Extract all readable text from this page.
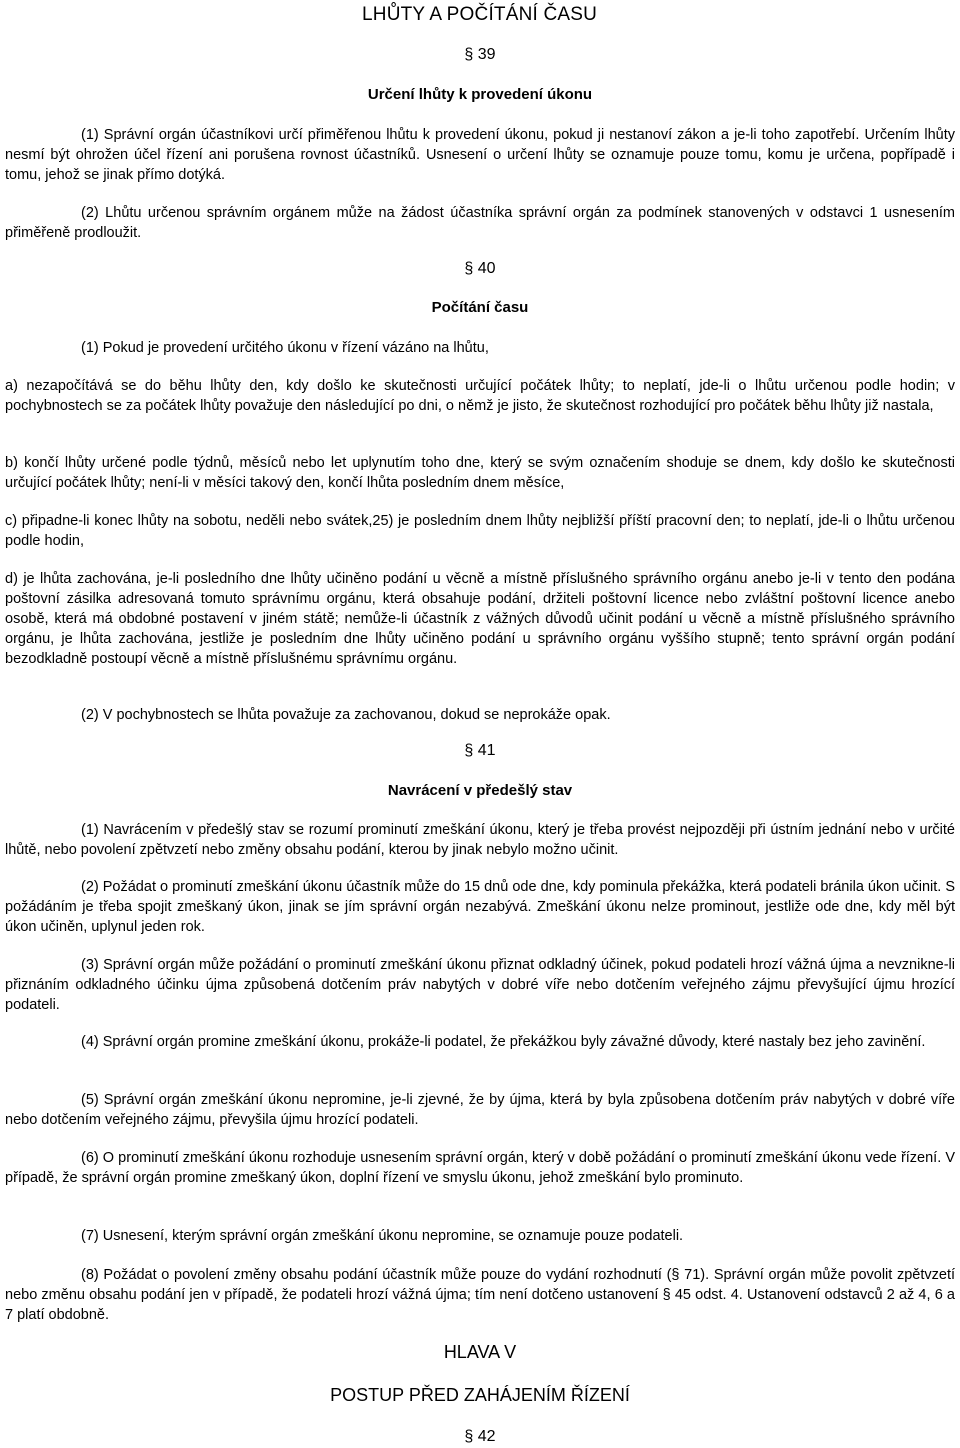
LHŮTY A POČÍTÁNÍ ČASU
§ 39
Určení lhůty k provedení úkonu
(1) Správní orgán účastníkovi určí přiměřenou lhůtu k provedení úkonu, pokud ji nestanoví zákon a je-li toho zapotřebí. Určením lhůty nesmí být ohrožen účel řízení ani porušena rovnost účastníků. Usnesení o určení lhůty se oznamuje pouze tomu, komu je určena, popřípadě i tomu, jehož se jinak přímo dotýká.
(2) Lhůtu určenou správním orgánem může na žádost účastníka správní orgán za podmínek stanovených v odstavci 1 usnesením přiměřeně prodloužit.
§ 40
Počítání času
(1) Pokud je provedení určitého úkonu v řízení vázáno na lhůtu,
a) nezapočítává se do běhu lhůty den, kdy došlo ke skutečnosti určující počátek lhůty; to neplatí, jde-li o lhůtu určenou podle hodin; v pochybnostech se za počátek lhůty považuje den následující po dni, o němž je jisto, že skutečnost rozhodující pro počátek běhu lhůty již nastala,
b) končí lhůty určené podle týdnů, měsíců nebo let uplynutím toho dne, který se svým označením shoduje se dnem, kdy došlo ke skutečnosti určující počátek lhůty; není-li v měsíci takový den, končí lhůta posledním dnem měsíce,
c) připadne-li konec lhůty na sobotu, neděli nebo svátek,25) je posledním dnem lhůty nejbližší příští pracovní den; to neplatí, jde-li o lhůtu určenou podle hodin,
d) je lhůta zachována, je-li posledního dne lhůty učiněno podání u věcně a místně příslušného správního orgánu anebo je-li v tento den podána poštovní zásilka adresovaná tomuto správnímu orgánu, která obsahuje podání, držiteli poštovní licence nebo zvláštní poštovní licence anebo osobě, která má obdobné postavení v jiném státě; nemůže-li účastník z vážných důvodů učinit podání u věcně a místně příslušného správního orgánu, je lhůta zachována, jestliže je posledním dne lhůty učiněno podání u správního orgánu vyššího stupně; tento správní orgán podání bezodkladně postoupí věcně a místně příslušnému správnímu orgánu.
(2) V pochybnostech se lhůta považuje za zachovanou, dokud se neprokáže opak.
§ 41
Navrácení v předešlý stav
(1) Navrácením v předešlý stav se rozumí prominutí zmeškání úkonu, který je třeba provést nejpozději při ústním jednání nebo v určité lhůtě, nebo povolení zpětvzetí nebo změny obsahu podání, kterou by jinak nebylo možno učinit.
(2) Požádat o prominutí zmeškání úkonu účastník může do 15 dnů ode dne, kdy pominula překážka, která podateli bránila úkon učinit. S požádáním je třeba spojit zmeškaný úkon, jinak se jím správní orgán nezabývá. Zmeškání úkonu nelze prominout, jestliže ode dne, kdy měl být úkon učiněn, uplynul jeden rok.
(3) Správní orgán může požádání o prominutí zmeškání úkonu přiznat odkladný účinek, pokud podateli hrozí vážná újma a nevznikne-li přiznáním odkladného účinku újma způsobená dotčením práv nabytých v dobré víře nebo dotčením veřejného zájmu převyšující újmu hrozící podateli.
(4) Správní orgán promine zmeškání úkonu, prokáže-li podatel, že překážkou byly závažné důvody, které nastaly bez jeho zavinění.
(5) Správní orgán zmeškání úkonu nepromine, je-li zjevné, že by újma, která by byla způsobena dotčením práv nabytých v dobré víře nebo dotčením veřejného zájmu, převyšila újmu hrozící podateli.
(6) O prominutí zmeškání úkonu rozhoduje usnesením správní orgán, který v době požádání o prominutí zmeškání úkonu vede řízení. V případě, že správní orgán promine zmeškaný úkon, doplní řízení ve smyslu úkonu, jehož zmeškání bylo prominuto.
(7) Usnesení, kterým správní orgán zmeškání úkonu nepromine, se oznamuje pouze podateli.
(8) Požádat o povolení změny obsahu podání účastník může pouze do vydání rozhodnutí (§ 71). Správní orgán může povolit zpětvzetí nebo změnu obsahu podání jen v případě, že podateli hrozí vážná újma; tím není dotčeno ustanovení § 45 odst. 4. Ustanovení odstavců 2 až 4, 6 a 7 platí obdobně.
HLAVA V
POSTUP PŘED ZAHÁJENÍM ŘÍZENÍ
§ 42
